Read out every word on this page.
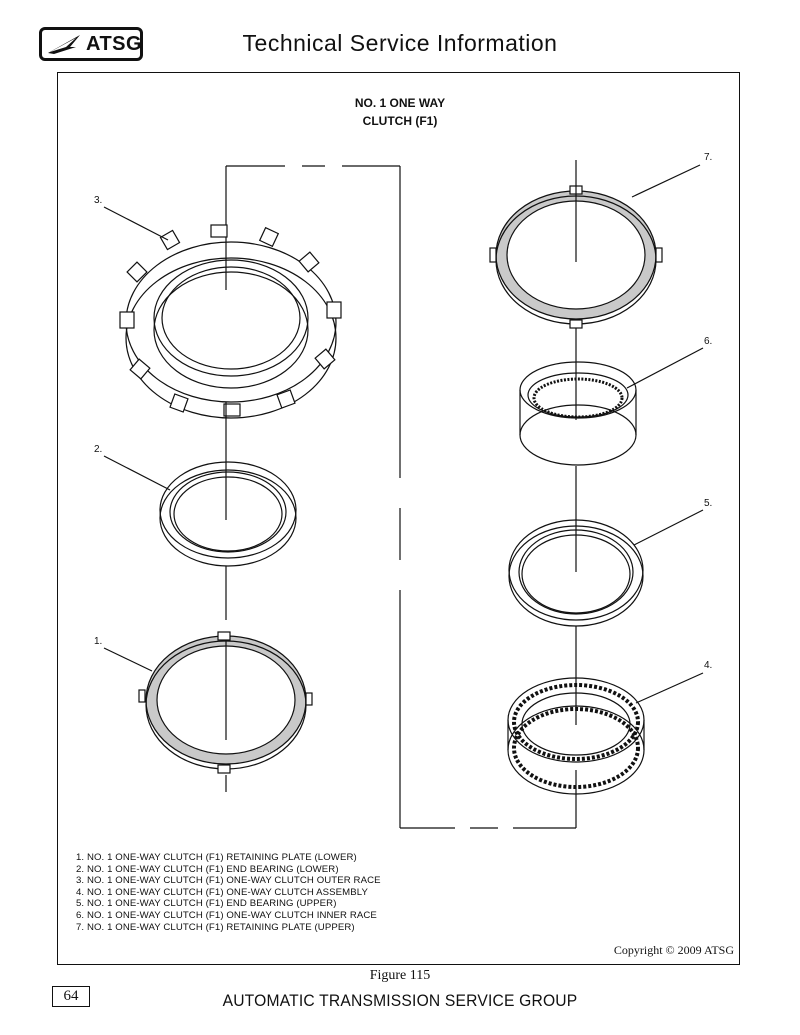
ATSG	Technical Service Information
NO. 1 ONE WAY
CLUTCH (F1)
3.
2.
1.
7.
6.
5.
4.
1. NO. 1 ONE-WAY CLUTCH (F1) RETAINING PLATE (LOWER)
2. NO. 1 ONE-WAY CLUTCH (F1) END BEARING (LOWER)
3. NO. 1 ONE-WAY CLUTCH (F1) ONE-WAY CLUTCH OUTER RACE
4. NO. 1 ONE-WAY CLUTCH (F1) ONE-WAY CLUTCH ASSEMBLY
5. NO. 1 ONE-WAY CLUTCH (F1) END BEARING (UPPER)
6. NO. 1 ONE-WAY CLUTCH (F1) ONE-WAY CLUTCH INNER RACE
7. NO. 1 ONE-WAY CLUTCH (F1) RETAINING PLATE (UPPER)
Copyright © 2009 ATSG
Figure 115
64	AUTOMATIC TRANSMISSION SERVICE GROUP
